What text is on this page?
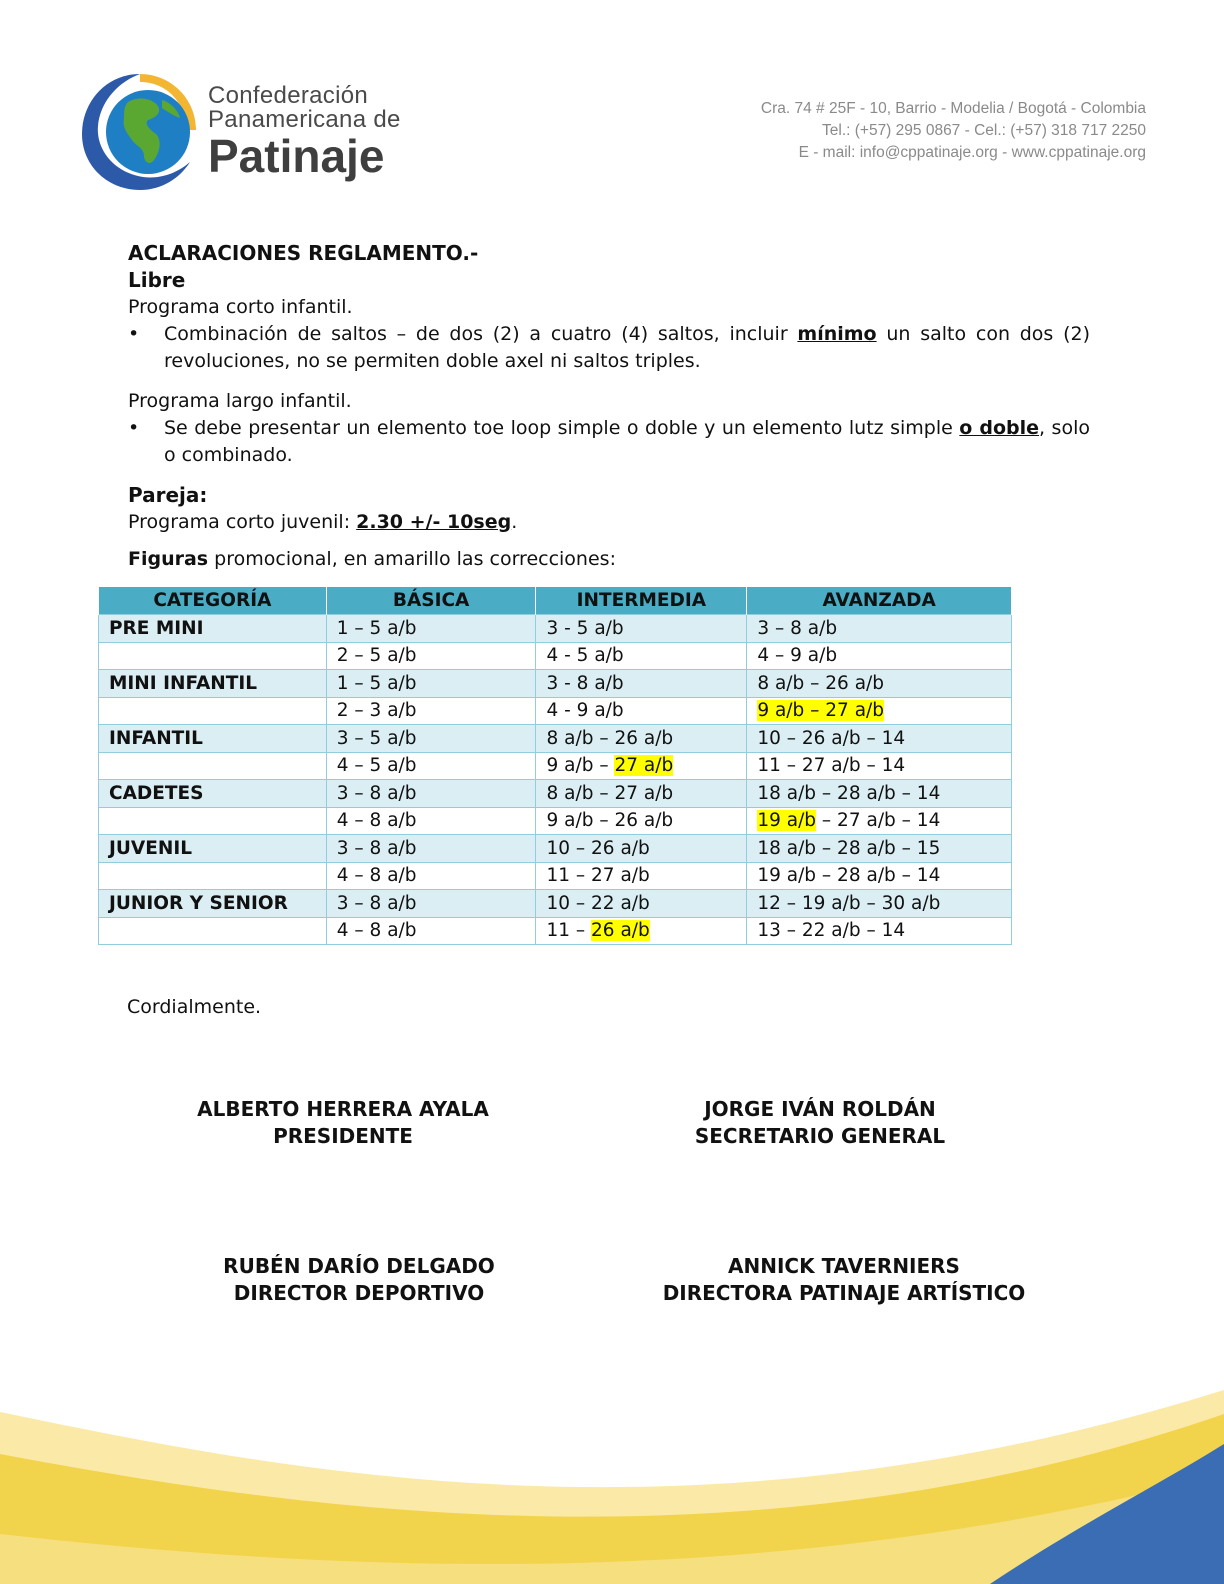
Confederación
Panamericana de
Patinaje
Cra. 74 # 25F - 10, Barrio - Modelia / Bogotá - Colombia
Tel.: (+57) 295 0867 - Cel.: (+57) 318 717 2250
E - mail: info@cppatinaje.org - www.cppatinaje.org
ACLARACIONES REGLAMENTO.-
Libre
Programa corto infantil.
• Combinación de saltos – de dos (2) a cuatro (4) saltos, incluir mínimo un salto con dos (2) revoluciones, no se permiten doble axel ni saltos triples.
Programa largo infantil.
• Se debe presentar un elemento toe loop simple o doble y un elemento lutz simple o doble, solo o combinado.
Pareja:
Programa corto juvenil: 2.30 +/- 10seg.
Figuras promocional, en amarillo las correcciones:
CATEGORÍA	BÁSICA	INTERMEDIA	AVANZADA
PRE MINI	1 – 5 a/b	3 - 5 a/b	3 – 8 a/b
	2 – 5 a/b	4 - 5 a/b	4 – 9 a/b
MINI INFANTIL	1 – 5 a/b	3 - 8 a/b	8 a/b – 26 a/b
	2 – 3 a/b	4 - 9 a/b	9 a/b – 27 a/b
INFANTIL	3 – 5 a/b	8 a/b – 26 a/b	10 – 26 a/b – 14
	4 – 5 a/b	9 a/b – 27 a/b	11 – 27 a/b – 14
CADETES	3 – 8 a/b	8 a/b – 27 a/b	18 a/b – 28 a/b – 14
	4 – 8 a/b	9 a/b – 26 a/b	19 a/b – 27 a/b – 14
JUVENIL	3 – 8 a/b	10 – 26 a/b	18 a/b – 28 a/b – 15
	4 – 8 a/b	11 – 27 a/b	19 a/b – 28 a/b – 14
JUNIOR Y SENIOR	3 – 8 a/b	10 – 22 a/b	12 – 19 a/b – 30 a/b
	4 – 8 a/b	11 – 26 a/b	13 – 22 a/b – 14
Cordialmente.
ALBERTO HERRERA AYALA
PRESIDENTE
JORGE IVÁN ROLDÁN
SECRETARIO GENERAL
RUBÉN DARÍO DELGADO
DIRECTOR DEPORTIVO
ANNICK TAVERNIERS
DIRECTORA PATINAJE ARTÍSTICO
